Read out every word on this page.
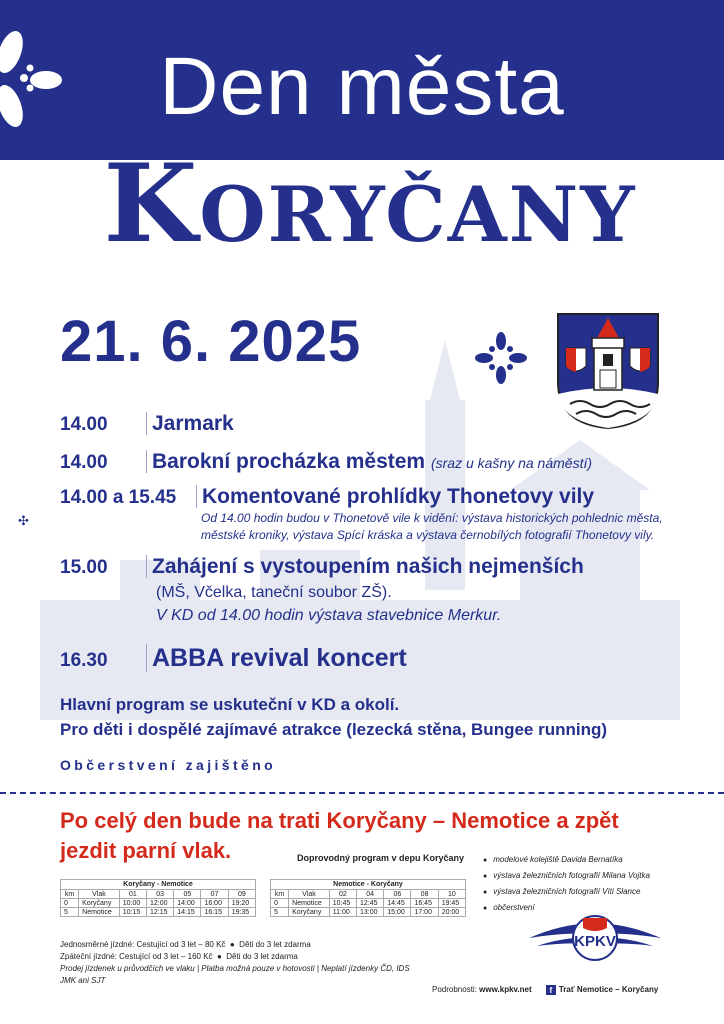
Den města
Koryčany
21. 6. 2025
14.00 Jarmark
14.00 Barokní procházka městem (sraz u kašny na náměstí)
14.00 a 15.45 Komentované prohlídky Thonetovy vily
Od 14.00 hodin budou v Thonetově vile k vidění: výstava historických pohlednic města,
městské kroniky, výstava Spící kráska a výstava černobílých fotografií Thonetovy vily.
✣
15.00 Zahájení s vystoupením našich nejmenších
(MŠ, Včelka, taneční soubor ZŠ).
V KD od 14.00 hodin výstava stavebnice Merkur.
16.30 ABBA revival koncert
Hlavní program se uskuteční v KD a okolí.
Pro děti i dospělé zajímavé atrakce (lezecká stěna, Bungee running)
Občerstvení zajištěno
Po celý den bude na trati Koryčany – Nemotice a zpět
jezdit parní vlak.	Doprovodný program v depu Koryčany	● modelové kolejiště Davida Bernatíka
● výstava železničních fotografií Milana Vojtka
● výstava železničních fotografií Víti Slance
● občerstvení
Koryčany - Nemotice
km	Vlak	01	03	05	07	09
0	Koryčany	10:00	12:00	14:00	16:00	19:20
5	Nemotice	10:15	12:15	14:15	16:15	19:35
Nemotice - Koryčany
km	Vlak	02	04	06	08	10
0	Nemotice	10:45	12:45	14:45	16:45	19:45
5	Koryčany	11:00	13:00	15:00	17:00	20:00
Jednosměrné jízdné: Cestující od 3 let – 80 Kč  ●  Děti do 3 let zdarma
Zpáteční jízdné: Cestující od 3 let – 160 Kč  ●  Děti do 3 let zdarma
Prodej jízdenek u průvodčích ve vlaku | Platba možná pouze v hotovosti | Neplatí jízdenky ČD, IDS
JMK ani SJT
KPKV
Podrobnosti: www.kpkv.net f Trať Nemotice – Koryčany
